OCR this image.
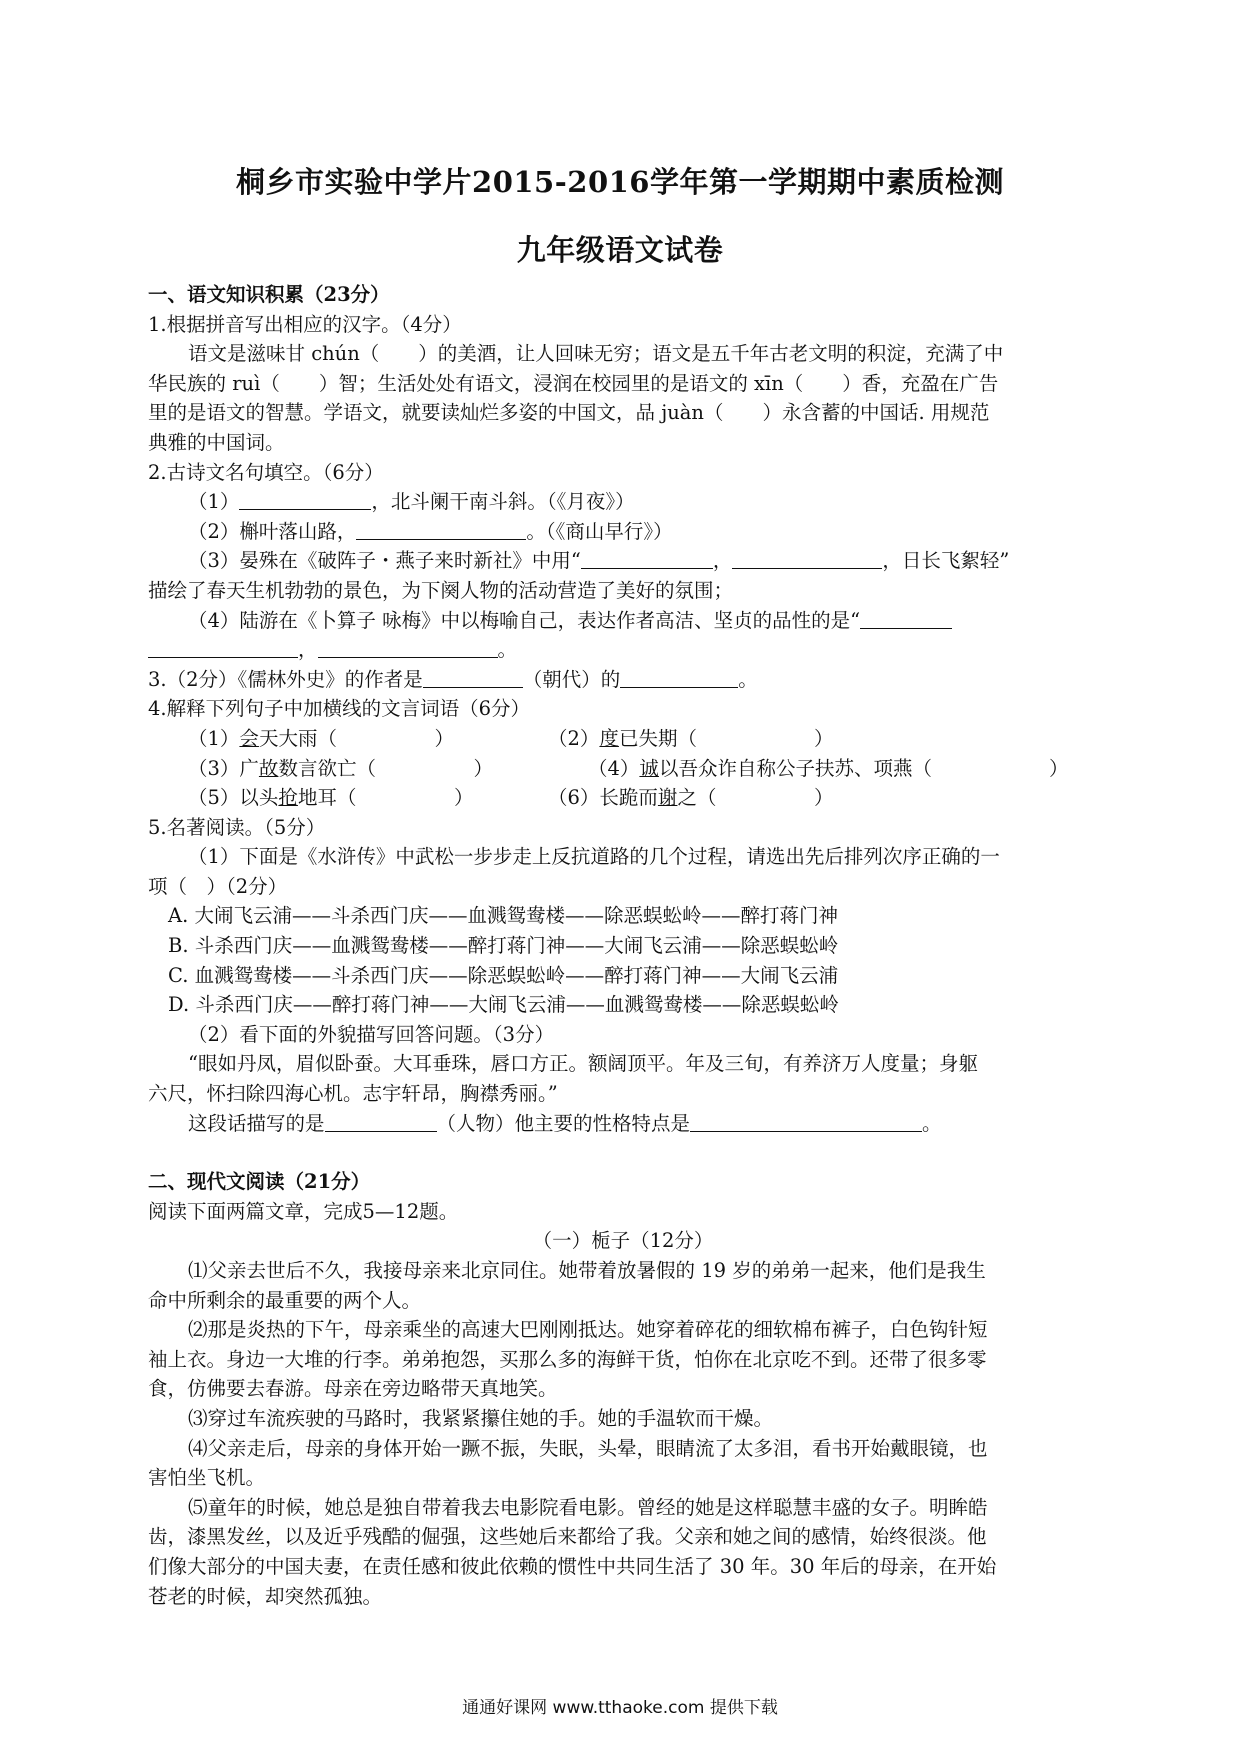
桐乡市实验中学片2015-2016学年第一学期期中素质检测
九年级语文试卷
一、语文知识积累（23分）
1.根据拼音写出相应的汉字。（4分）
语文是滋味甘 chún（　　）的美酒，让人回味无穷；语文是五千年古老文明的积淀，充满了中
华民族的 ruì（　　）智；生活处处有语文，浸润在校园里的是语文的 xīn（　　）香，充盈在广告
里的是语文的智慧。学语文，就要读灿烂多姿的中国文，品 juàn（　　）永含蓄的中国话. 用规范
典雅的中国词。
2.古诗文名句填空。（6分）
（1）	，北斗阑干南斗斜。（《月夜》）
（2）槲叶落山路，	。（《商山早行》）
（3）晏殊在《破阵子・燕子来时新社》中用“	，	，日长飞絮轻”
描绘了春天生机勃勃的景色，为下阕人物的活动营造了美好的氛围；
（4）陆游在《卜算子 咏梅》中以梅喻自己，表达作者高洁、坚贞的品性的是“
，	。
3.（2分）《儒林外史》的作者是	（朝代）的	。
4.解释下列句子中加横线的文言词语（6分）
（1）会天大雨（　　　　　）	（2）度已失期（　　　　　　）
（3）广故数言欲亡（　　　　　）	（4）诚以吾众诈自称公子扶苏、项燕（　　　　　　）
（5）以头抢地耳（　　　　　）	（6）长跪而谢之（　　　　　）
5.名著阅读。（5分）
（1）下面是《水浒传》中武松一步步走上反抗道路的几个过程，请选出先后排列次序正确的一
项（　）（2分）
A. 大闹飞云浦——斗杀西门庆——血溅鸳鸯楼——除恶蜈蚣岭——醉打蒋门神
B. 斗杀西门庆——血溅鸳鸯楼——醉打蒋门神——大闹飞云浦——除恶蜈蚣岭
C. 血溅鸳鸯楼——斗杀西门庆——除恶蜈蚣岭——醉打蒋门神——大闹飞云浦
D. 斗杀西门庆——醉打蒋门神——大闹飞云浦——血溅鸳鸯楼——除恶蜈蚣岭
（2）看下面的外貌描写回答问题。（3分）
“眼如丹凤，眉似卧蚕。大耳垂珠，唇口方正。额阔顶平。年及三旬，有养济万人度量；身躯
六尺，怀扫除四海心机。志宇轩昂，胸襟秀丽。”
这段话描写的是	（人物）他主要的性格特点是	。
二、现代文阅读（21分）
阅读下面两篇文章，完成5—12题。
（一）栀子（12分）
⑴父亲去世后不久，我接母亲来北京同住。她带着放暑假的 19 岁的弟弟一起来，他们是我生
命中所剩余的最重要的两个人。
⑵那是炎热的下午，母亲乘坐的高速大巴刚刚抵达。她穿着碎花的细软棉布裤子，白色钩针短
袖上衣。身边一大堆的行李。弟弟抱怨，买那么多的海鲜干货，怕你在北京吃不到。还带了很多零
食，仿佛要去春游。母亲在旁边略带天真地笑。
⑶穿过车流疾驶的马路时，我紧紧攥住她的手。她的手温软而干燥。
⑷父亲走后，母亲的身体开始一蹶不振，失眠，头晕，眼睛流了太多泪，看书开始戴眼镜，也
害怕坐飞机。
⑸童年的时候，她总是独自带着我去电影院看电影。曾经的她是这样聪慧丰盛的女子。明眸皓
齿，漆黑发丝，以及近乎残酷的倔强，这些她后来都给了我。父亲和她之间的感情，始终很淡。他
们像大部分的中国夫妻，在责任感和彼此依赖的惯性中共同生活了 30 年。30 年后的母亲，在开始
苍老的时候，却突然孤独。
通通好课网 www.tthaoke.com 提供下载
